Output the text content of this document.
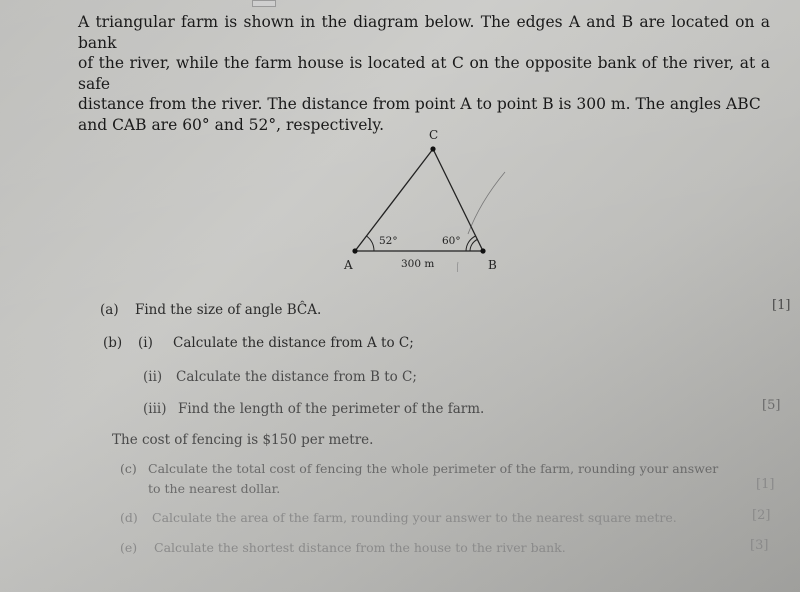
A triangular farm is shown in the diagram below. The edges A and B are located on a bank

of the river, while the farm house is located at C on the opposite bank of the river, at a safe

distance from the river. The distance from point A to point B is 300 m. The angles ABC

and CAB are 60° and 52°, respectively.

A	B
C
52°	60°
300 m
(a) Find the size of angle BĈA.	[1]
(b) (i) Calculate the distance from A to C;
(ii) Calculate the distance from B to C;
(iii) Find the length of the perimeter of the farm.	[5]
The cost of fencing is $150 per metre.
(c) Calculate the total cost of fencing the whole perimeter of the farm, rounding your answer
to the nearest dollar.	[1]
(d) Calculate the area of the farm, rounding your answer to the nearest square metre.	[2]
(e) Calculate the shortest distance from the house to the river bank.	[3]
